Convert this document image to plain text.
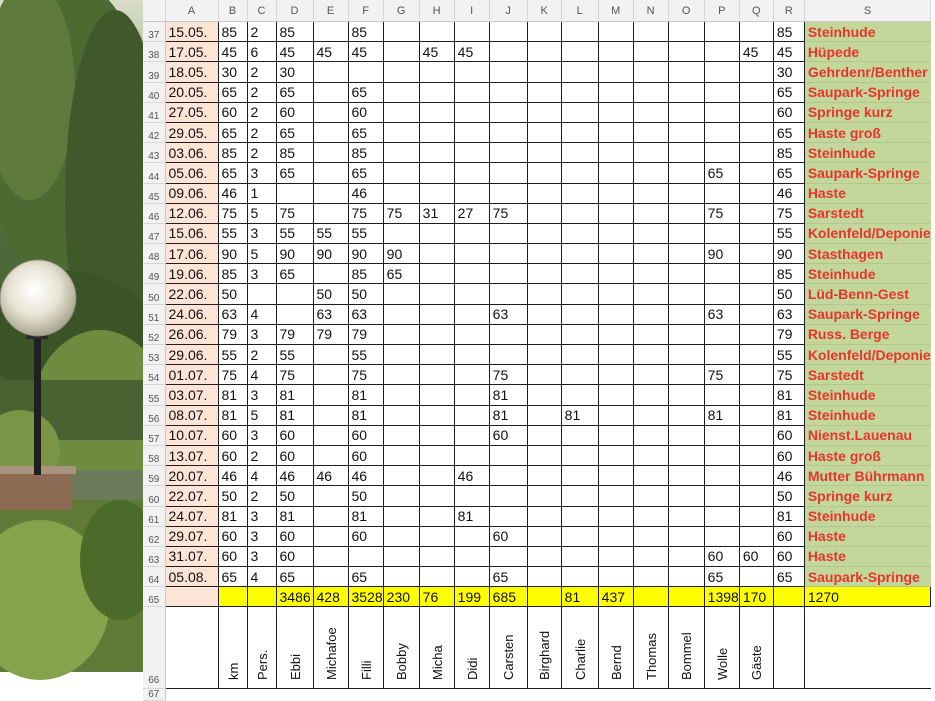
	A	B	C	D	E	F	G	H	I	J	K	L	M	N	O	P	Q	R	S
37	15.05.	85	2	85		85												85	Steinhude
38	17.05.	45	6	45	45	45		45	45								45	45	Hüpede
39	18.05.	30	2	30														30	Gehrdenr/Benther
40	20.05.	65	2	65		65												65	Saupark-Springe
41	27.05.	60	2	60		60												60	Springe kurz
42	29.05.	65	2	65		65												65	Haste groß
43	03.06.	85	2	85		85												85	Steinhude
44	05.06.	65	3	65		65										65		65	Saupark-Springe
45	09.06.	46	1			46												46	Haste
46	12.06.	75	5	75		75	75	31	27	75						75		75	Sarstedt
47	15.06.	55	3	55	55	55												55	Kolenfeld/Deponie
48	17.06.	90	5	90	90	90	90									90		90	Stasthagen
49	19.06.	85	3	65		85	65											85	Steinhude
50	22.06.	50			50	50												50	Lüd-Benn-Gest
51	24.06.	63	4		63	63				63						63		63	Saupark-Springe
52	26.06.	79	3	79	79	79												79	Russ. Berge
53	29.06.	55	2	55		55												55	Kolenfeld/Deponie
54	01.07.	75	4	75		75				75						75		75	Sarstedt
55	03.07.	81	3	81		81				81								81	Steinhude
56	08.07.	81	5	81		81				81		81				81		81	Steinhude
57	10.07.	60	3	60		60				60								60	Nienst.Lauenau
58	13.07.	60	2	60		60												60	Haste groß
59	20.07.	46	4	46	46	46			46									46	Mutter Bührmann
60	22.07.	50	2	50		50												50	Springe kurz
61	24.07.	81	3	81		81			81									81	Steinhude
62	29.07.	60	3	60		60				60								60	Haste
63	31.07.	60	3	60												60	60	60	Haste
64	05.08.	65	4	65		65				65						65		65	Saupark-Springe
65				3486	428	3528	230	76	199	685		81	437			1398	170		1270
66		km	Pers.	Ebbi	Michafoe	Filli	Bobby	Micha	Didi	Carsten	Birghard	Charlie	Bernd	Thomas	Bommel	Wolle	Gäste		

67																			
